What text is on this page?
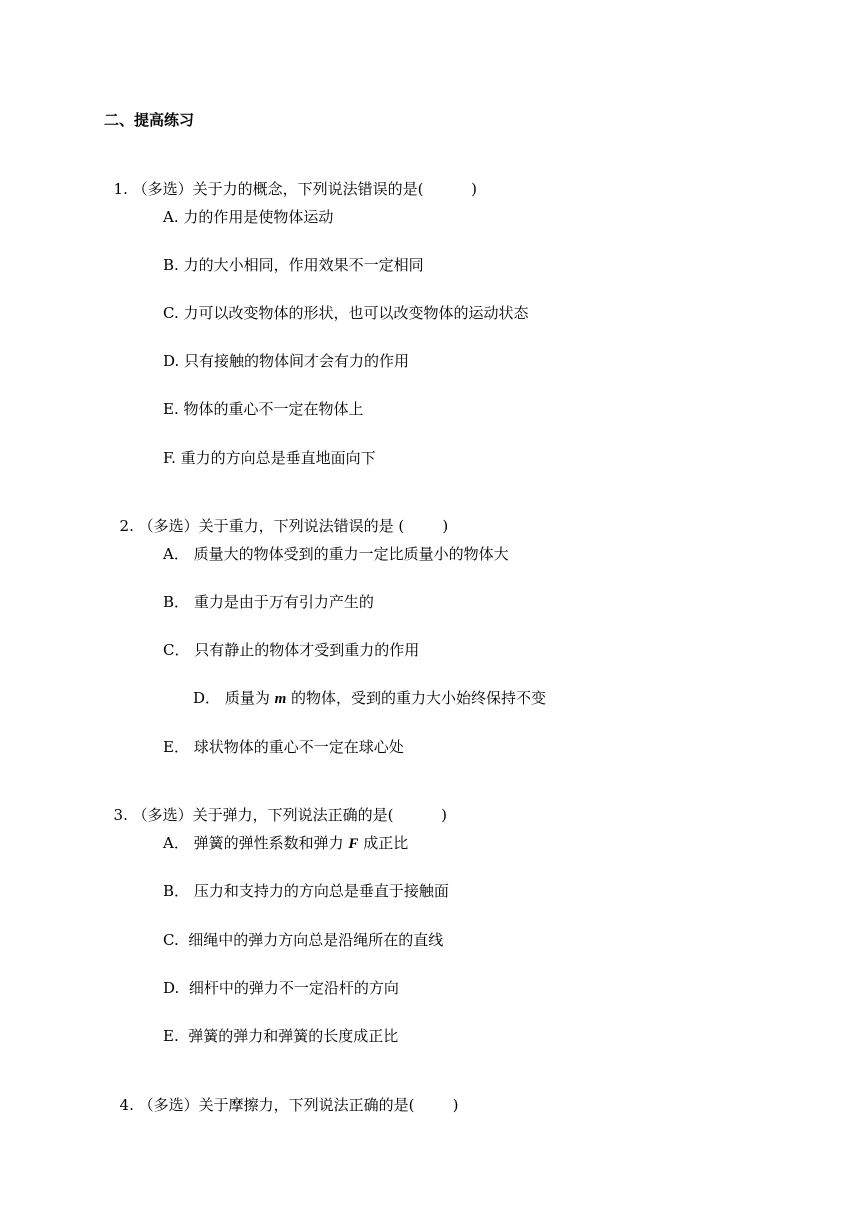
二、提高练习

1. （多选）关于力的概念，下列说法错误的是(          )

A. 力的作用是使物体运动
B. 力的大小相同，作用效果不一定相同
C. 力可以改变物体的形状，也可以改变物体的运动状态
D. 只有接触的物体间才会有力的作用
E. 物体的重心不一定在物体上
F. 重力的方向总是垂直地面向下

2. （多选）关于重力，下列说法错误的是 (        )

A． 质量大的物体受到的重力一定比质量小的物体大
B． 重力是由于万有引力产生的
C． 只有静止的物体才受到重力的作用
D． 质量为 m 的物体，受到的重力大小始终保持不变
E． 球状物体的重心不一定在球心处

3. （多选）关于弹力，下列说法正确的是(          )

A． 弹簧的弹性系数和弹力 F 成正比
B． 压力和支持力的方向总是垂直于接触面
C. 细绳中的弹力方向总是沿绳所在的直线
D. 细杆中的弹力不一定沿杆的方向
E. 弹簧的弹力和弹簧的长度成正比

4. （多选）关于摩擦力，下列说法正确的是(        )
